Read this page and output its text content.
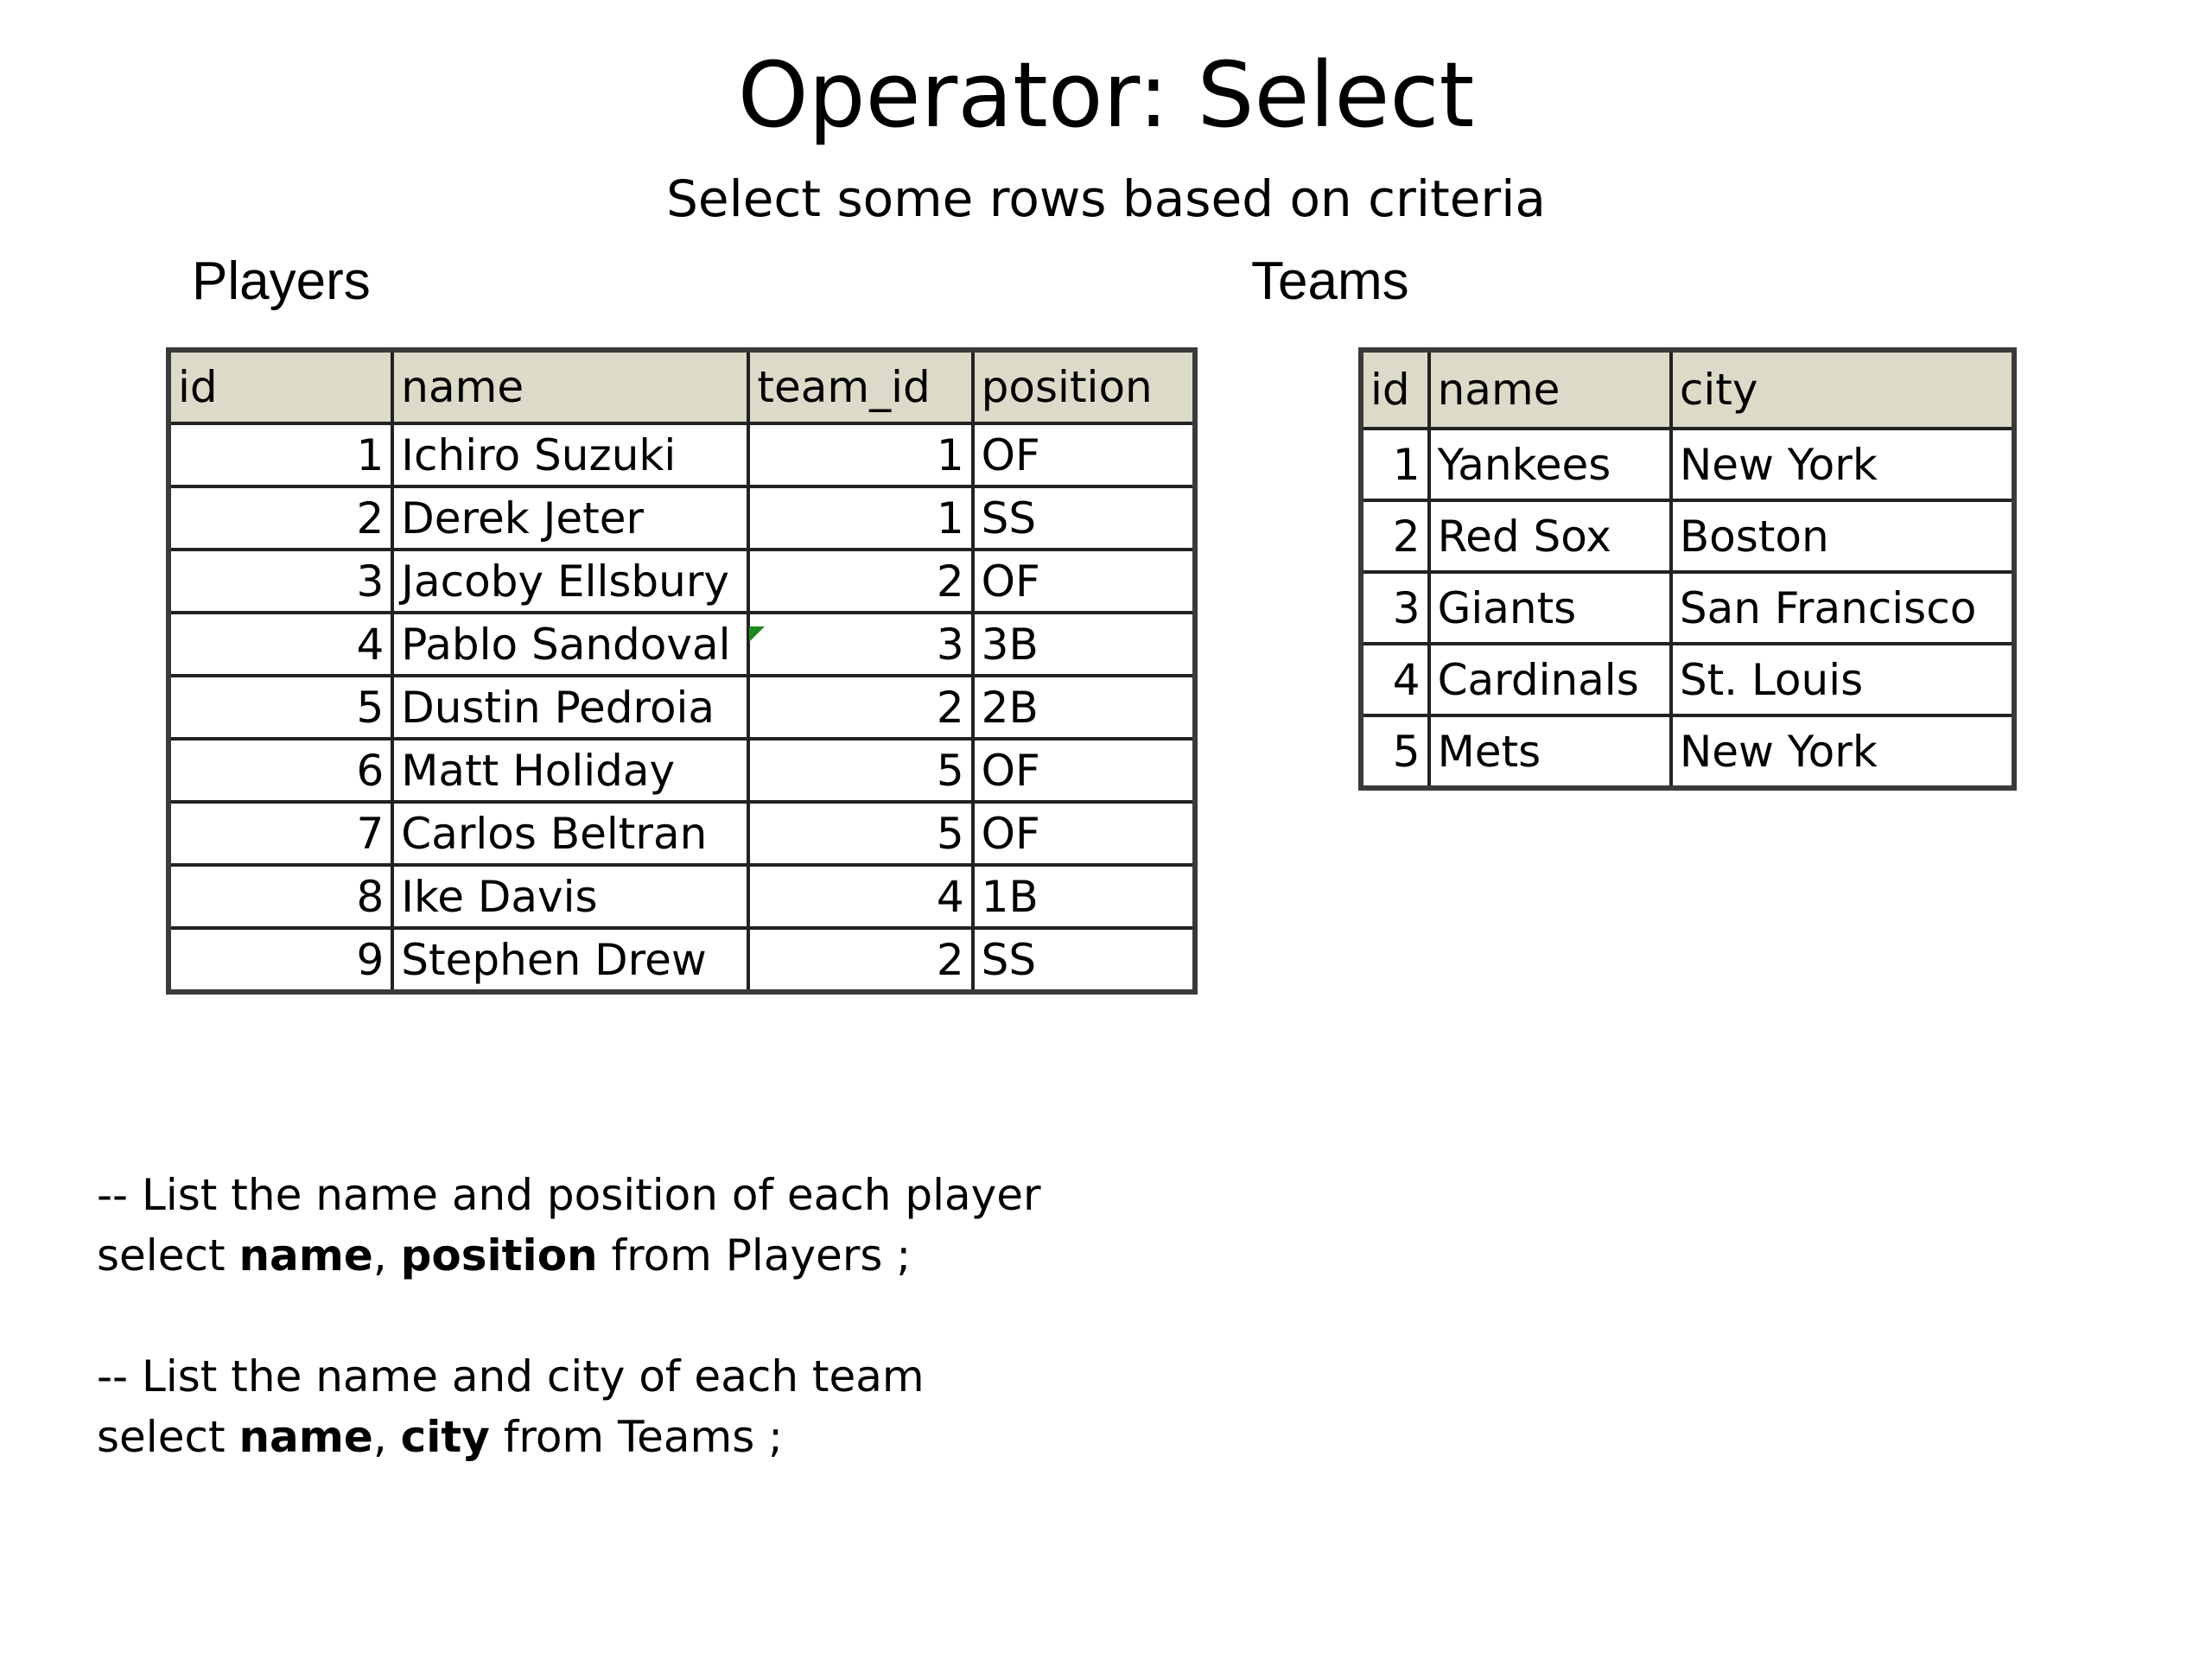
Operator: Select
Select some rows based on criteria
Players	Teams
id	name	team_id	position
1	Ichiro Suzuki	1	OF
2	Derek Jeter	1	SS
3	Jacoby Ellsbury	2	OF
4	Pablo Sandoval	3	3B
5	Dustin Pedroia	2	2B
6	Matt Holiday	5	OF
7	Carlos Beltran	5	OF
8	Ike Davis	4	1B
9	Stephen Drew	2	SS
id	name	city
1	Yankees	New York
2	Red Sox	Boston
3	Giants	San Francisco
4	Cardinals	St. Louis
5	Mets	New York
-- List the name and position of each player
select name, position from Players ;
-- List the name and city of each team
select name, city from Teams ;
